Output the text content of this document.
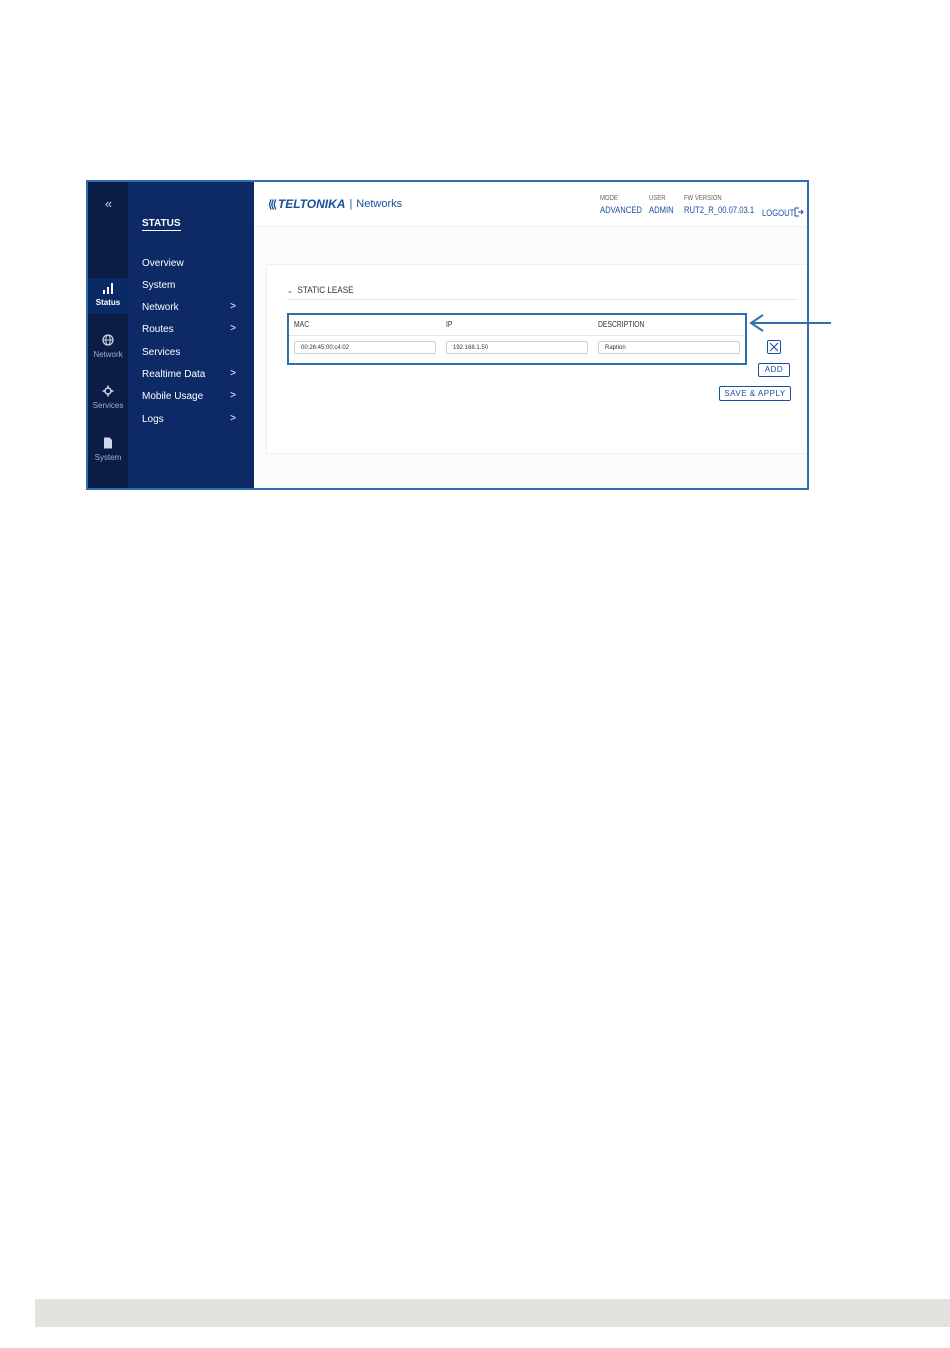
«
Status
Network
Services
System
STATUS
Overview
System
Network	>
Routes	>
Services
Realtime Data >
Mobile Usage	>
Logs	>
⟨⟨⟨ TELTONIKA | Networks	MODE
ADVANCED
USER
ADMIN
FW VERSION
RUT2_R_00.07.03.1 LOGOUT
⌄ STATIC LEASE
MAC	IP	DESCRIPTION
00:26:45:00:c4:02	192.168.1.50	Raption
ADD
SAVE & APPLY
